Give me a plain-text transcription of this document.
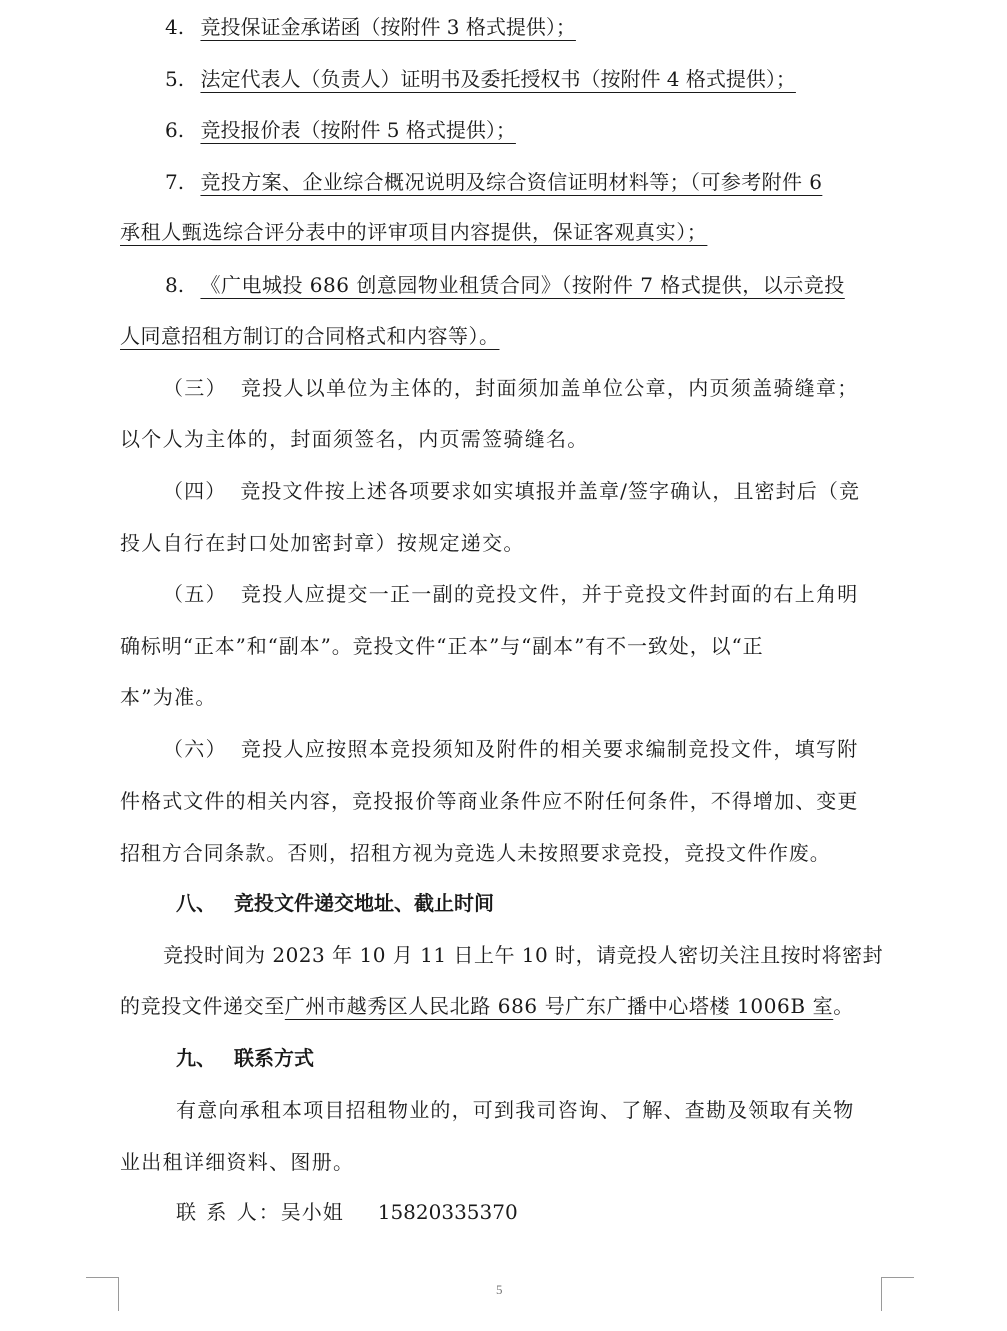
4. 竞投保证金承诺函（按附件 3 格式提供）；
5. 法定代表人（负责人）证明书及委托授权书（按附件 4 格式提供）；
6. 竞投报价表（按附件 5 格式提供）；
7. 竞投方案、企业综合概况说明及综合资信证明材料等；（可参考附件 6
承租人甄选综合评分表中的评审项目内容提供，保证客观真实）；
8. 《广电城投 686 创意园物业租赁合同》（按附件 7 格式提供，以示竞投
人同意招租方制订的合同格式和内容等）。
（三） 竞投人以单位为主体的，封面须加盖单位公章，内页须盖骑缝章；
以个人为主体的，封面须签名，内页需签骑缝名。
（四） 竞投文件按上述各项要求如实填报并盖章/签字确认，且密封后（竞
投人自行在封口处加密封章）按规定递交。
（五） 竞投人应提交一正一副的竞投文件，并于竞投文件封面的右上角明
确标明“正本”和“副本”。竞投文件“正本”与“副本”有不一致处，以“正
本”为准。
（六） 竞投人应按照本竞投须知及附件的相关要求编制竞投文件，填写附
件格式文件的相关内容，竞投报价等商业条件应不附任何条件，不得增加、变更
招租方合同条款。否则，招租方视为竞选人未按照要求竞投，竞投文件作废。
八、 竞投文件递交地址、截止时间
竞投时间为 2023 年 10 月 11 日上午 10 时，请竞投人密切关注且按时将密封
的竞投文件递交至广州市越秀区人民北路 686 号广东广播中心塔楼 1006B 室。
九、 联系方式
有意向承租本项目招租物业的，可到我司咨询、了解、查勘及领取有关物
业出租详细资料、图册。
联 系 人：吴小姐 15820335370
5
